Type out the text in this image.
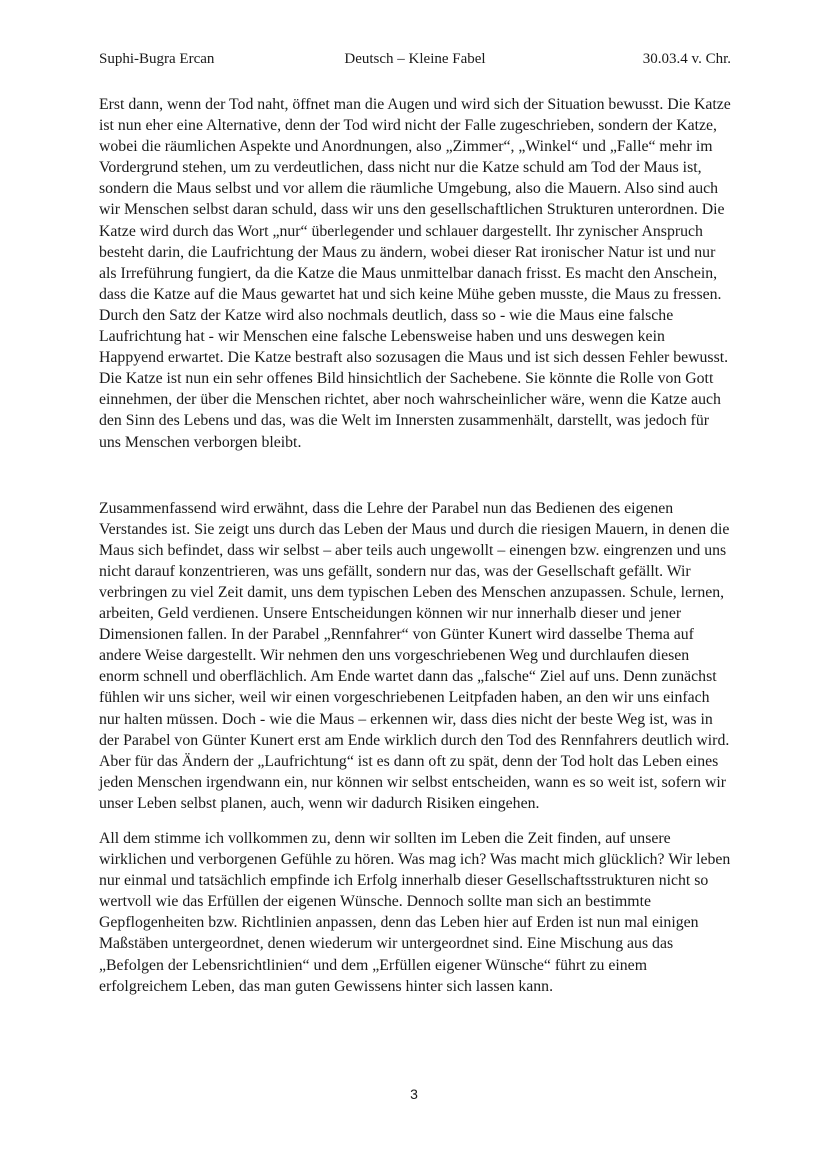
Suphi-Bugra Ercan	Deutsch – Kleine Fabel	30.03.4 v. Chr.

Erst dann, wenn der Tod naht, öffnet man die Augen und wird sich der Situation bewusst. Die Katze ist nun eher eine Alternative, denn der Tod wird nicht der Falle zugeschrieben, sondern der Katze, wobei die räumlichen Aspekte und Anordnungen, also „Zimmer“, „Winkel“ und „Falle“ mehr im Vordergrund stehen, um zu verdeutlichen, dass nicht nur die Katze schuld am Tod der Maus ist, sondern die Maus selbst und vor allem die räumliche Umgebung, also die Mauern. Also sind auch wir Menschen selbst daran schuld, dass wir uns den gesellschaftlichen Strukturen unterordnen. Die Katze wird durch das Wort „nur“ überlegender und schlauer dargestellt. Ihr zynischer Anspruch besteht darin, die Laufrichtung der Maus zu ändern, wobei dieser Rat ironischer Natur ist und nur als Irreführung fungiert, da die Katze die Maus unmittelbar danach frisst. Es macht den Anschein, dass die Katze auf die Maus gewartet hat und sich keine Mühe geben musste, die Maus zu fressen. Durch den Satz der Katze wird also nochmals deutlich, dass so - wie die Maus eine falsche Laufrichtung hat - wir Menschen eine falsche Lebensweise haben und uns deswegen kein Happyend erwartet. Die Katze bestraft also sozusagen die Maus und ist sich dessen Fehler bewusst. Die Katze ist nun ein sehr offenes Bild hinsichtlich der Sachebene. Sie könnte die Rolle von Gott einnehmen, der über die Menschen richtet, aber noch wahrscheinlicher wäre, wenn die Katze auch den Sinn des Lebens und das, was die Welt im Innersten zusammenhält, darstellt, was jedoch für uns Menschen verborgen bleibt.

Zusammenfassend wird erwähnt, dass die Lehre der Parabel nun das Bedienen des eigenen Verstandes ist. Sie zeigt uns durch das Leben der Maus und durch die riesigen Mauern, in denen die Maus sich befindet, dass wir selbst – aber teils auch ungewollt – einengen bzw. eingrenzen und uns nicht darauf konzentrieren, was uns gefällt, sondern nur das, was der Gesellschaft gefällt. Wir verbringen zu viel Zeit damit, uns dem typischen Leben des Menschen anzupassen. Schule, lernen, arbeiten, Geld verdienen. Unsere Entscheidungen können wir nur innerhalb dieser und jener Dimensionen fallen. In der Parabel „Rennfahrer“ von Günter Kunert wird dasselbe Thema auf andere Weise dargestellt. Wir nehmen den uns vorgeschriebenen Weg und durchlaufen diesen enorm schnell und oberflächlich. Am Ende wartet dann das „falsche“ Ziel auf uns. Denn zunächst fühlen wir uns sicher, weil wir einen vorgeschriebenen Leitpfaden haben, an den wir uns einfach nur halten müssen. Doch - wie die Maus – erkennen wir, dass dies nicht der beste Weg ist, was in der Parabel von Günter Kunert erst am Ende wirklich durch den Tod des Rennfahrers deutlich wird. Aber für das Ändern der „Laufrichtung“ ist es dann oft zu spät, denn der Tod holt das Leben eines jeden Menschen irgendwann ein, nur können wir selbst entscheiden, wann es so weit ist, sofern wir unser Leben selbst planen, auch, wenn wir dadurch Risiken eingehen.

All dem stimme ich vollkommen zu, denn wir sollten im Leben die Zeit finden, auf unsere wirklichen und verborgenen Gefühle zu hören. Was mag ich? Was macht mich glücklich? Wir leben nur einmal und tatsächlich empfinde ich Erfolg innerhalb dieser Gesellschaftsstrukturen nicht so wertvoll wie das Erfüllen der eigenen Wünsche. Dennoch sollte man sich an bestimmte Gepflogenheiten bzw. Richtlinien anpassen, denn das Leben hier auf Erden ist nun mal einigen Maßstäben untergeordnet, denen wiederum wir untergeordnet sind. Eine Mischung aus das „Befolgen der Lebensrichtlinien“ und dem „Erfüllen eigener Wünsche“ führt zu einem erfolgreichem Leben, das man guten Gewissens hinter sich lassen kann.

3
